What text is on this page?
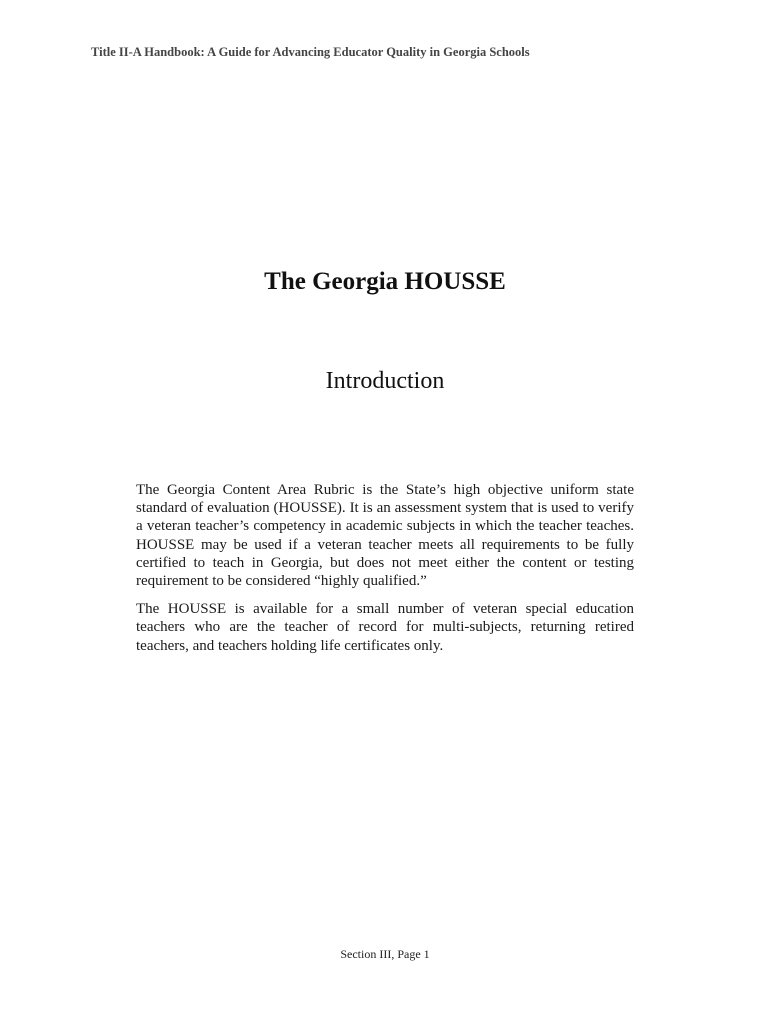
Title II-A Handbook: A Guide for Advancing Educator Quality in Georgia Schools
The Georgia HOUSSE
Introduction

The Georgia Content Area Rubric is the State’s high objective uniform state standard of evaluation (HOUSSE). It is an assessment system that is used to verify a veteran teacher’s competency in academic subjects in which the teacher teaches. HOUSSE may be used if a veteran teacher meets all requirements to be fully certified to teach in Georgia, but does not meet either the content or testing requirement to be considered “highly qualified.”

The HOUSSE is available for a small number of veteran special education teachers who are the teacher of record for multi-subjects, returning retired teachers, and teachers holding life certificates only.

Section III, Page 1
